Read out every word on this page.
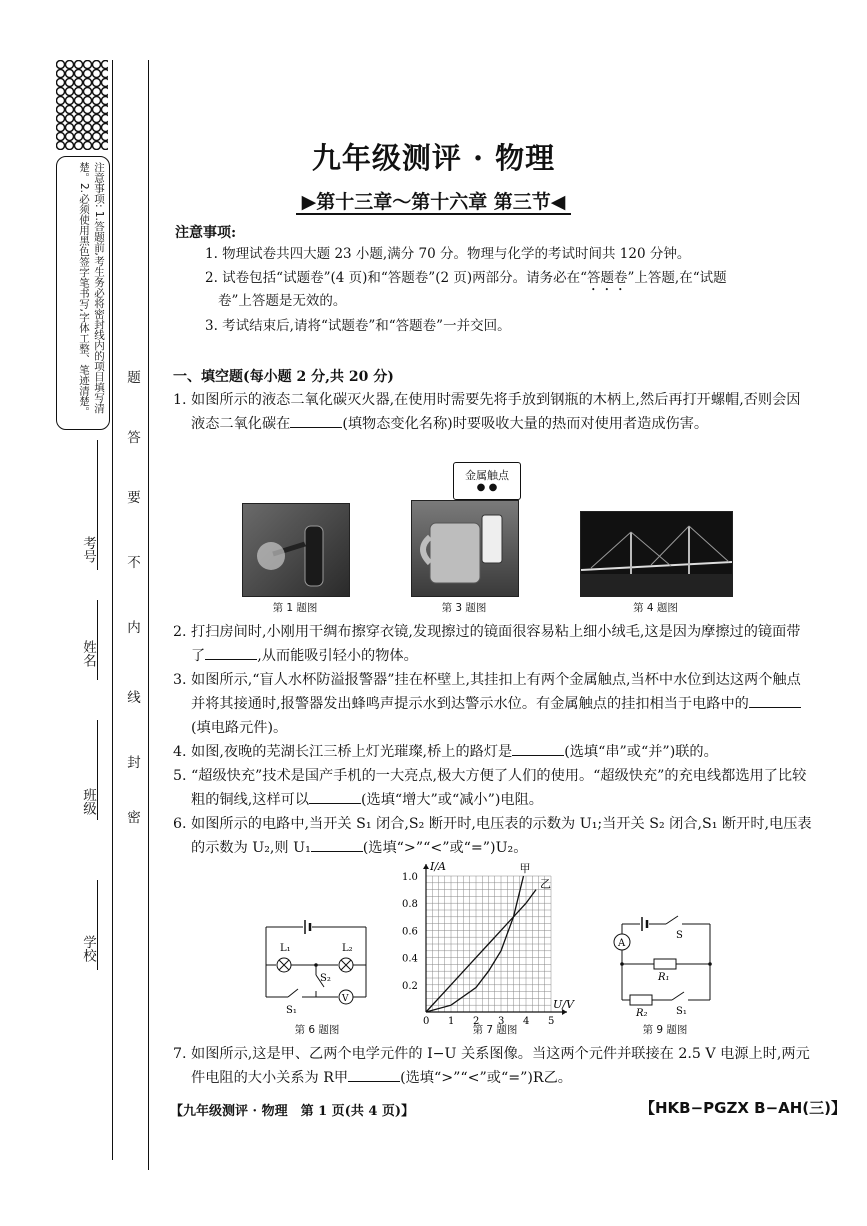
注意事项: 1.答题前,考生务必将密封线内的项目填写清楚。2.必须使用黑色签字笔书写,字体工整、笔迹清楚。
学校
班级
姓名
考号
题
答
要
不
内
线
封
密
九年级测评 · 物理
▶第十三章～第十六章 第三节◀
注意事项:
1. 物理试卷共四大题 23 小题,满分 70 分。物理与化学的考试时间共 120 分钟。
2. 试卷包括“试题卷”(4 页)和“答题卷”(2 页)两部分。请务必在“答题卷”上答题,在“试题
卷”上答题是无效的。
3. 考试结束后,请将“试题卷”和“答题卷”一并交回。
一、填空题(每小题 2 分,共 20 分)
1. 如图所示的液态二氧化碳灭火器,在使用时需要先将手放到钢瓶的木柄上,然后再打开螺帽,否则会因液态二氧化碳在	(填物态变化名称)时要吸收大量的热而对使用者造成伤害。
第 1 题图
金属触点
● ●
第 3 题图	第 4 题图
2. 打扫房间时,小刚用干绸布擦穿衣镜,发现擦过的镜面很容易粘上细小绒毛,这是因为摩擦过的镜面带了	,从而能吸引轻小的物体。
3. 如图所示,“盲人水杯防溢报警器”挂在杯壁上,其挂扣上有两个金属触点,当杯中水位到达这两个触点并将其接通时,报警器发出蜂鸣声提示水到达警示水位。有金属触点的挂扣相当于电路中的(填电路元件)。
4. 如图,夜晚的芜湖长江三桥上灯光璀璨,桥上的路灯是	(选填“串”或“并”)联的。
5. “超级快充”技术是国产手机的一大亮点,极大方便了人们的使用。“超级快充”的充电线都选用了比较粗的铜线,这样可以	(选填“增大”或“减小”)电阻。
6. 如图所示的电路中,当开关 S₁ 闭合,S₂ 断开时,电压表的示数为 U₁;当开关 S₂ 闭合,S₁ 断开时,电压表的示数为 U₂,则 U₁	(选填“>”“<”或“=”)U₂。
L₁	L₂
S₂
V
S₁
第 6 题图
0 1 2 3 4 5
0.2
0.4
0.6
0.8
1.0
U/V
I/A	甲
乙
第 7 题图
A
S
R₁
R₂	S₁
第 9 题图
7. 如图所示,这是甲、乙两个电学元件的 I−U 关系图像。当这两个元件并联接在 2.5 V 电源上时,两元件电阻的大小关系为 R甲	(选填“>”“<”或“=”)R乙。
【九年级测评 · 物理　第 1 页(共 4 页)】	【HKB−PGZX B−AH(三)】
